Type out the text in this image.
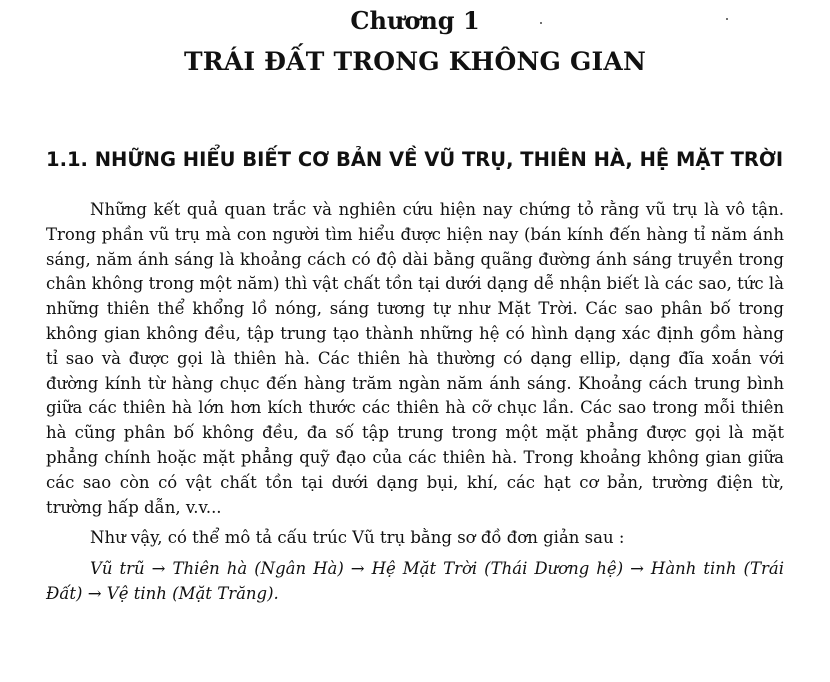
Chương 1
TRÁI ĐẤT TRONG KHÔNG GIAN
1.1. NHỮNG HIỂU BIẾT CƠ BẢN VỀ VŨ TRỤ, THIÊN HÀ, HỆ MẶT TRỜI

Những kết quả quan trắc và nghiên cứu hiện nay chứng tỏ rằng vũ trụ là vô tận. Trong phần vũ trụ mà con người tìm hiểu được hiện nay (bán kính đến hàng tỉ năm ánh sáng, năm ánh sáng là khoảng cách có độ dài bằng quãng đường ánh sáng truyền trong chân không trong một năm) thì vật chất tồn tại dưới dạng dễ nhận biết là các sao, tức là những thiên thể khổng lồ nóng, sáng tương tự như Mặt Trời. Các sao phân bố trong không gian không đều, tập trung tạo thành những hệ có hình dạng xác định gồm hàng tỉ sao và được gọi là thiên hà. Các thiên hà thường có dạng ellip, dạng đĩa xoắn với đường kính từ hàng chục đến hàng trăm ngàn năm ánh sáng. Khoảng cách trung bình giữa các thiên hà lớn hơn kích thước các thiên hà cỡ chục lần. Các sao trong mỗi thiên hà cũng phân bố không đều, đa số tập trung trong một mặt phẳng được gọi là mặt phẳng chính hoặc mặt phẳng quỹ đạo của các thiên hà. Trong khoảng không gian giữa các sao còn có vật chất tồn tại dưới dạng bụi, khí, các hạt cơ bản, trường điện từ, trường hấp dẫn, v.v...

Như vậy, có thể mô tả cấu trúc Vũ trụ bằng sơ đồ đơn giản sau :

Vũ trũ → Thiên hà (Ngân Hà) → Hệ Mặt Trời (Thái Dương hệ) → Hành tinh (Trái Đất) → Vệ tinh (Mặt Trăng).
